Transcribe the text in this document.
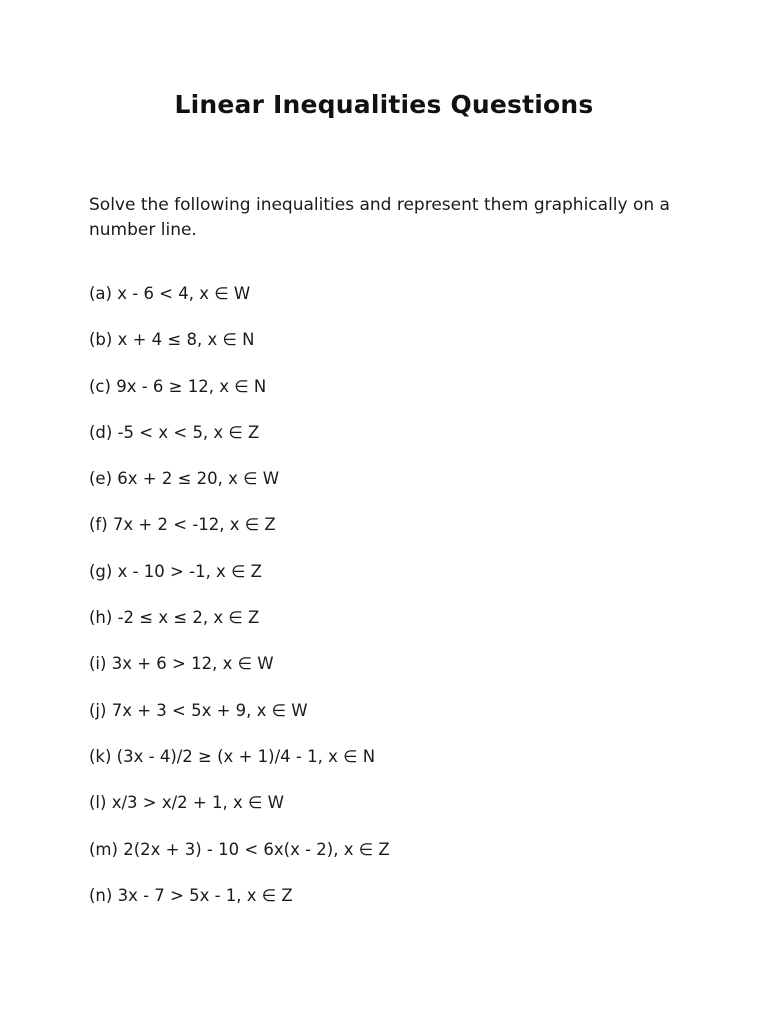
Linear Inequalities Questions
Solve the following inequalities and represent them graphically on a number line.
(a) x - 6 < 4, x ∈ W
(b) x + 4 ≤ 8, x ∈ N
(c) 9x - 6 ≥ 12, x ∈ N
(d) -5 < x < 5, x ∈ Z
(e) 6x + 2 ≤ 20, x ∈ W
(f) 7x + 2 < -12, x ∈ Z
(g) x - 10 > -1, x ∈ Z
(h) -2 ≤ x ≤ 2, x ∈ Z
(i) 3x + 6 > 12, x ∈ W
(j) 7x + 3 < 5x + 9, x ∈ W
(k) (3x - 4)/2 ≥ (x + 1)/4 - 1, x ∈ N
(l) x/3 > x/2 + 1, x ∈ W
(m) 2(2x + 3) - 10 < 6x(x - 2), x ∈ Z
(n) 3x - 7 > 5x - 1, x ∈ Z
